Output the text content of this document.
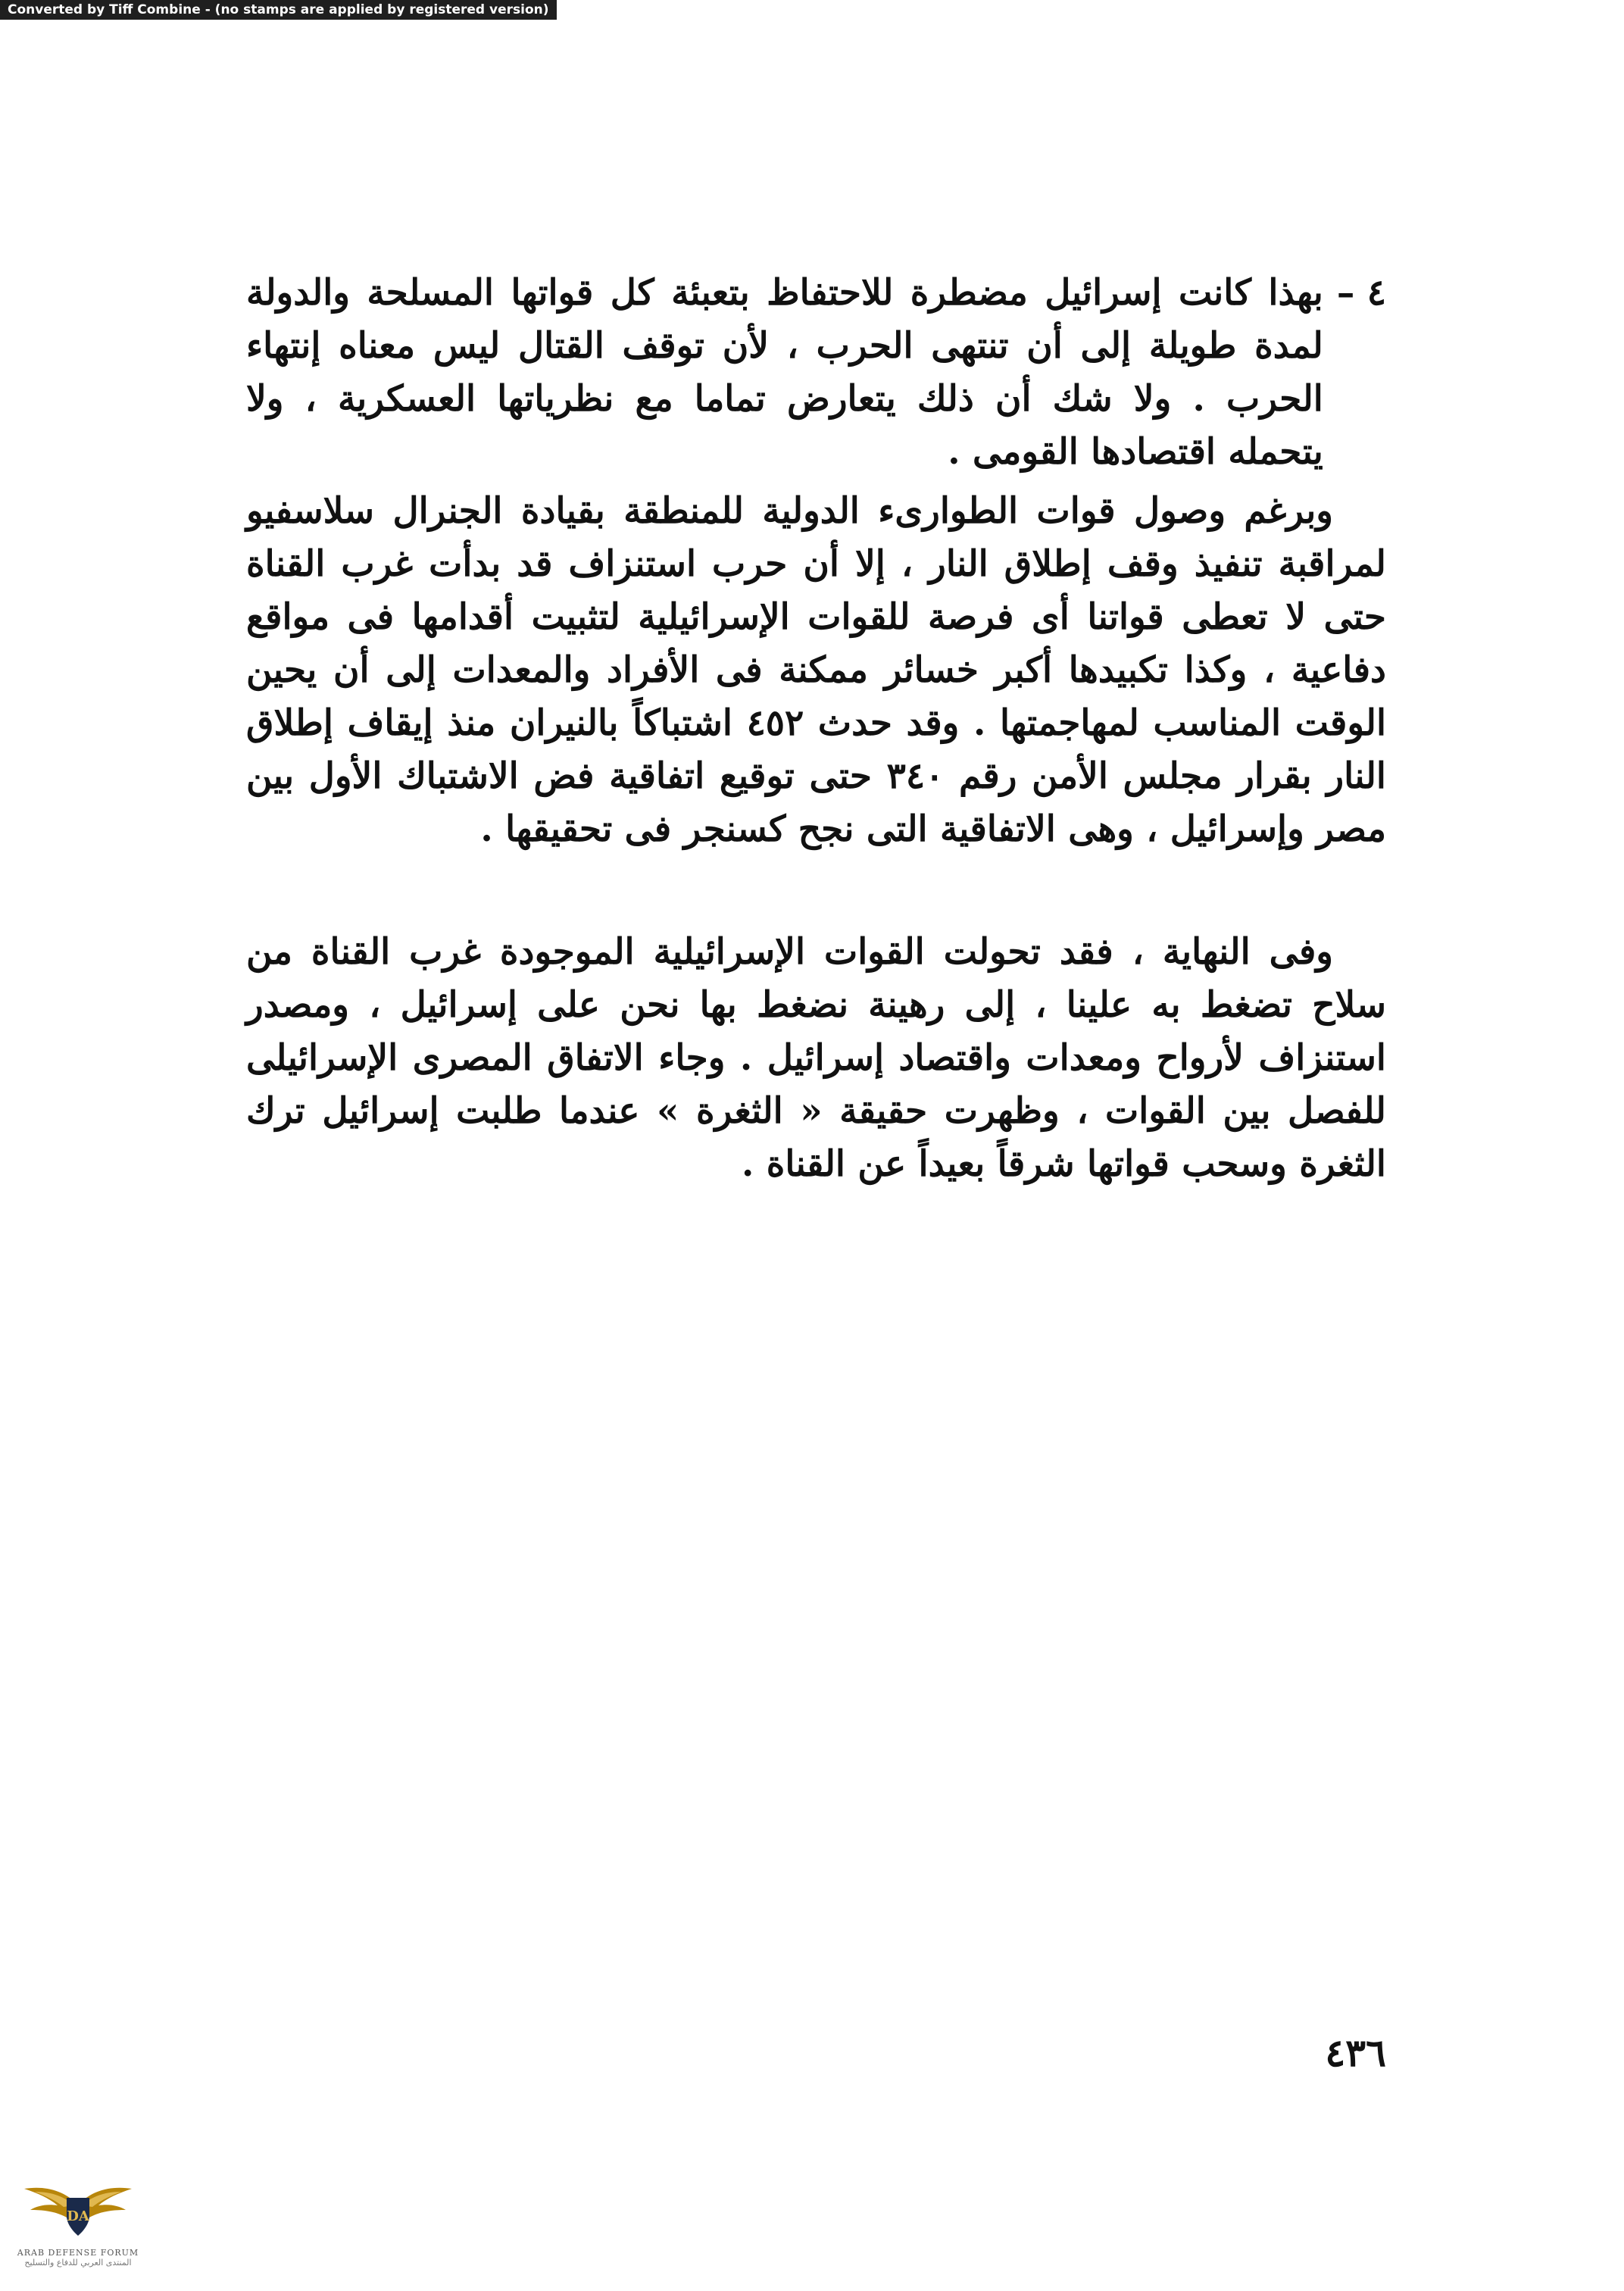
Converted by Tiff Combine - (no stamps are applied by registered version)
٤ –
بهذا كانت إسرائيل مضطرة للاحتفاظ بتعبئة كل قواتها المسلحة والدولة لمدة طويلة إلى أن تنتهى الحرب ، لأن توقف القتال ليس معناه إنتهاء الحرب . ولا شك أن ذلك يتعارض تماما مع نظرياتها العسكرية ، ولا يتحمله اقتصادها القومى .

وبرغم وصول قوات الطوارىء الدولية للمنطقة بقيادة الجنرال سلاسفيو لمراقبة تنفيذ وقف إطلاق النار ، إلا أن حرب استنزاف قد بدأت غرب القناة حتى لا تعطى قواتنا أى فرصة للقوات الإسرائيلية لتثبيت أقدامها فى مواقع دفاعية ، وكذا تكبيدها أكبر خسائر ممكنة فى الأفراد والمعدات إلى أن يحين الوقت المناسب لمهاجمتها . وقد حدث ٤٥٢ اشتباكاً بالنيران منذ إيقاف إطلاق النار بقرار مجلس الأمن رقم ٣٤٠ حتى توقيع اتفاقية فض الاشتباك الأول بين مصر وإسرائيل ، وهى الاتفاقية التى نجح كسنجر فى تحقيقها .

وفى النهاية ، فقد تحولت القوات الإسرائيلية الموجودة غرب القناة من سلاح تضغط به علينا ، إلى رهينة نضغط بها نحن على إسرائيل ، ومصدر استنزاف لأرواح ومعدات واقتصاد إسرائيل . وجاء الاتفاق المصرى الإسرائيلى للفصل بين القوات ، وظهرت حقيقة « الثغرة » عندما طلبت إسرائيل ترك الثغرة وسحب قواتها شرقاً بعيداً عن القناة .

٤٣٦
DA
ARAB DEFENSE FORUM
المنتدى العربي للدفاع والتسليح
